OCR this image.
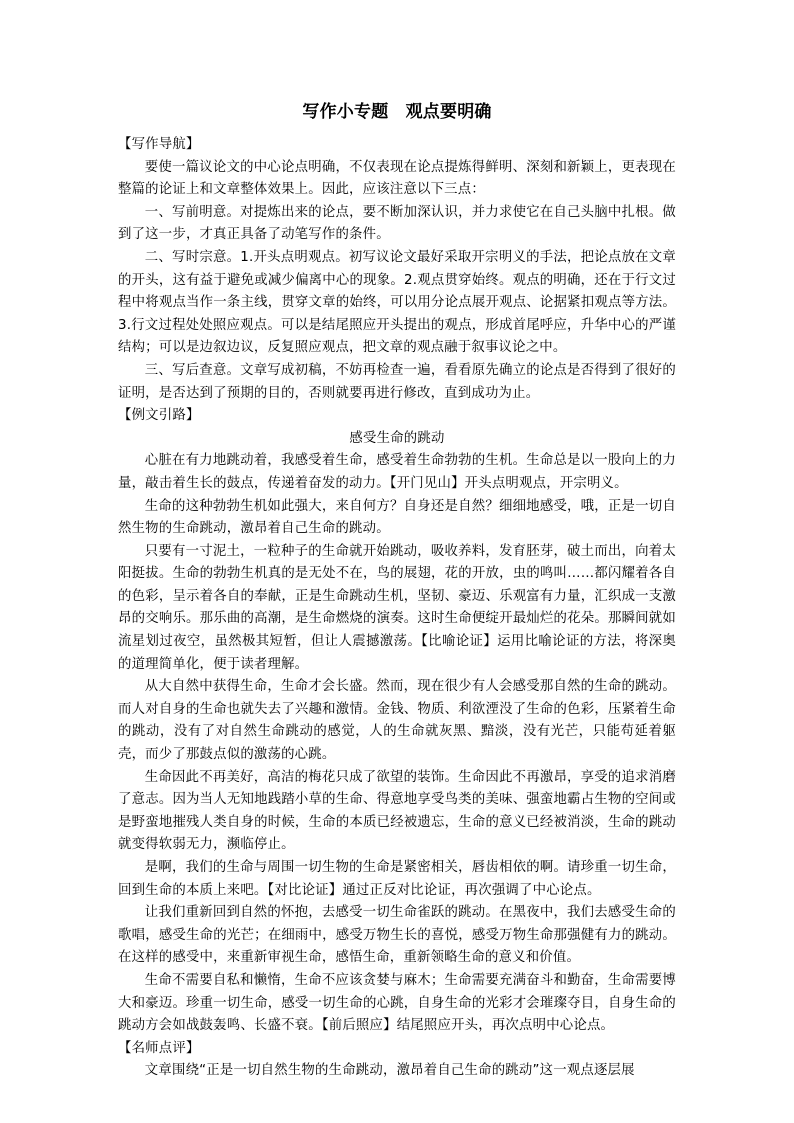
写作小专题　观点要明确

【写作导航】

要使一篇议论文的中心论点明确，不仅表现在论点提炼得鲜明、深刻和新颖上，更表现在整篇的论证上和文章整体效果上。因此，应该注意以下三点：

一、写前明意。对提炼出来的论点，要不断加深认识，并力求使它在自己头脑中扎根。做到了这一步，才真正具备了动笔写作的条件。

二、写时宗意。1.开头点明观点。初写议论文最好采取开宗明义的手法，把论点放在文章的开头，这有益于避免或减少偏离中心的现象。2.观点贯穿始终。观点的明确，还在于行文过程中将观点当作一条主线，贯穿文章的始终，可以用分论点展开观点、论据紧扣观点等方法。3.行文过程处处照应观点。可以是结尾照应开头提出的观点，形成首尾呼应，升华中心的严谨结构；可以是边叙边议，反复照应观点，把文章的观点融于叙事议论之中。

三、写后查意。文章写成初稿，不妨再检查一遍，看看原先确立的论点是否得到了很好的证明，是否达到了预期的目的，否则就要再进行修改，直到成功为止。

【例文引路】

感受生命的跳动

心脏在有力地跳动着，我感受着生命，感受着生命勃勃的生机。生命总是以一股向上的力量，敲击着生长的鼓点，传递着奋发的动力。【开门见山】开头点明观点，开宗明义。

生命的这种勃勃生机如此强大，来自何方？自身还是自然？细细地感受，哦，正是一切自然生物的生命跳动，激昂着自己生命的跳动。

只要有一寸泥土，一粒种子的生命就开始跳动，吸收养料，发育胚芽，破土而出，向着太阳挺拔。生命的勃勃生机真的是无处不在，鸟的展翅，花的开放，虫的鸣叫……都闪耀着各自的色彩，呈示着各自的奉献，正是生命跳动生机，坚韧、豪迈、乐观富有力量，汇织成一支激昂的交响乐。那乐曲的高潮，是生命燃烧的演奏。这时生命便绽开最灿烂的花朵。那瞬间就如流星划过夜空，虽然极其短暂，但让人震撼激荡。【比喻论证】运用比喻论证的方法，将深奥的道理简单化，便于读者理解。

从大自然中获得生命，生命才会长盛。然而，现在很少有人会感受那自然的生命的跳动。而人对自身的生命也就失去了兴趣和激情。金钱、物质、利欲湮没了生命的色彩，压紧着生命的跳动，没有了对自然生命跳动的感觉，人的生命就灰黑、黯淡，没有光芒，只能苟延着躯壳，而少了那鼓点似的激荡的心跳。

生命因此不再美好，高洁的梅花只成了欲望的装饰。生命因此不再激昂，享受的追求消磨了意志。因为当人无知地践踏小草的生命、得意地享受鸟类的美味、强蛮地霸占生物的空间或是野蛮地摧残人类自身的时候，生命的本质已经被遗忘，生命的意义已经被消淡，生命的跳动就变得软弱无力，濒临停止。

是啊，我们的生命与周围一切生物的生命是紧密相关，唇齿相依的啊。请珍重一切生命，回到生命的本质上来吧。【对比论证】通过正反对比论证，再次强调了中心论点。

让我们重新回到自然的怀抱，去感受一切生命雀跃的跳动。在黑夜中，我们去感受生命的歌唱，感受生命的光芒；在细雨中，感受万物生长的喜悦，感受万物生命那强健有力的跳动。在这样的感受中，来重新审视生命，感悟生命，重新领略生命的意义和价值。

生命不需要自私和懒惰，生命不应该贪婪与麻木；生命需要充满奋斗和勤奋，生命需要博大和豪迈。珍重一切生命，感受一切生命的心跳，自身生命的光彩才会璀璨夺目，自身生命的跳动方会如战鼓轰鸣、长盛不衰。【前后照应】结尾照应开头，再次点明中心论点。

【名师点评】

文章围绕“正是一切自然生物的生命跳动，激昂着自己生命的跳动”这一观点逐层展
